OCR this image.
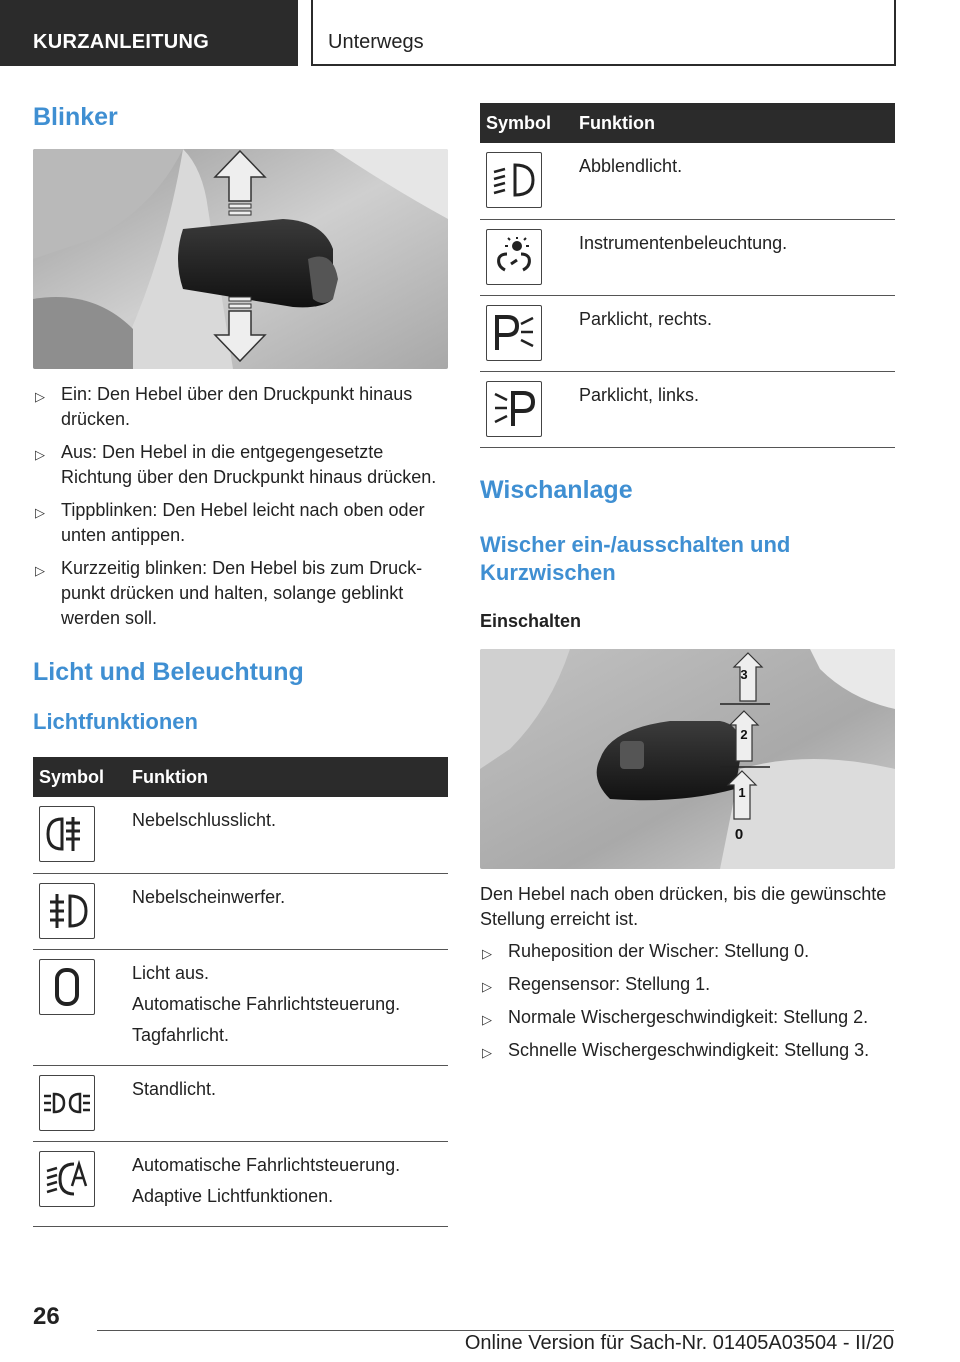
KURZANLEITUNG	Unterwegs
Blinker
▷ Ein: Den Hebel über den Druckpunkt hinaus drücken.
▷ Aus: Den Hebel in die entgegengesetzte Richtung über den Druckpunkt hinaus drücken.
▷ Tippblinken: Den Hebel leicht nach oben oder unten antippen.
▷ Kurzzeitig blinken: Den Hebel bis zum Druckpunkt drücken und halten, solange geblinkt werden soll.
Licht und Beleuchtung
Lichtfunktionen
Symbol	Funktion

Nebelschlusslicht.

Nebelscheinwerfer.

Licht aus.
Automatische Fahrlichtsteuerung.
Tagfahrlicht.

Standlicht.

Automatische Fahrlichtsteuerung.
Adaptive Lichtfunktionen.
Symbol	Funktion

Abblendlicht.

Instrumentenbeleuchtung.

Parklicht, rechts.

Parklicht, links.
Wischanlage
Wischer ein-/ausschalten und Kurzwischen
Einschalten
3
2
1
0
Den Hebel nach oben drücken, bis die gewünschte Stellung erreicht ist.
▷ Ruheposition der Wischer: Stellung 0.
▷ Regensensor: Stellung 1.
▷ Normale Wischergeschwindigkeit: Stellung 2.
▷ Schnelle Wischergeschwindigkeit: Stellung 3.
26
Online Version für Sach-Nr. 01405A03504 - II/20
